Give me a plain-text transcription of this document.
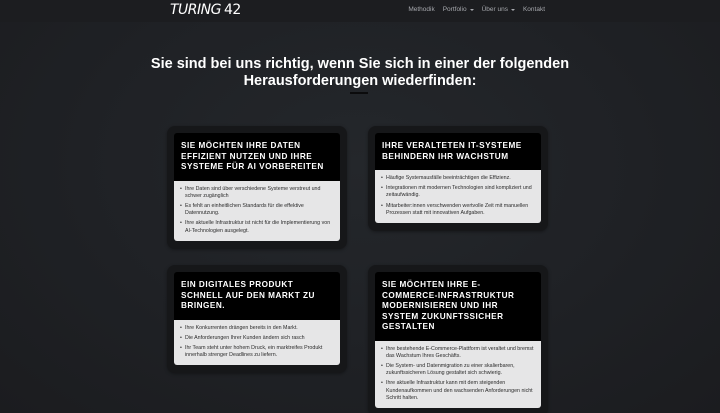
TURING 42	Methodik Portfolio Über uns Kontakt
Sie sind bei uns richtig, wenn Sie sich in einer der folgenden
Herausforderungen wiederfinden:
SIE MÖCHTEN IHRE DATEN EFFIZIENT NUTZEN UND IHRE SYSTEME FÜR AI VORBEREITEN
• Ihre Daten sind über verschiedene Systeme verstreut und schwer zugänglich
• Es fehlt an einheitlichen Standards für die effektive Datennutzung.
• Ihre aktuelle Infrastruktur ist nicht für die Implementierung von AI-Technologien ausgelegt.
IHRE VERALTETEN IT-SYSTEME BEHINDERN IHR WACHSTUM
• Häufige Systemausfälle beeinträchtigen die Effizienz.
• Integrationen mit modernen Technologien sind kompliziert und zeitaufwändig.
• Mitarbeiter:innen verschwenden wertvolle Zeit mit manuellen Prozessen statt mit innovativen Aufgaben.
EIN DIGITALES PRODUKT SCHNELL AUF DEN MARKT ZU BRINGEN.
• Ihre Konkurrenten drängen bereits in den Markt.
• Die Anforderungen Ihrer Kunden ändern sich rasch
• Ihr Team steht unter hohem Druck, ein marktreifes Produkt innerhalb strenger Deadlines zu liefern.
SIE MÖCHTEN IHRE E-COMMERCE-INFRASTRUKTUR MODERNISIEREN UND IHR SYSTEM ZUKUNFTSSICHER GESTALTEN
• Ihre bestehende E-Commerce-Plattform ist veraltet und bremst das Wachstum Ihres Geschäfts.
• Die System- und Datenmigration zu einer skalierbaren, zukunftssicheren Lösung gestaltet sich schwierig.
• Ihre aktuelle Infrastruktur kann mit dem steigenden Kundenaufkommen und den wachsenden Anforderungen nicht Schritt halten.
